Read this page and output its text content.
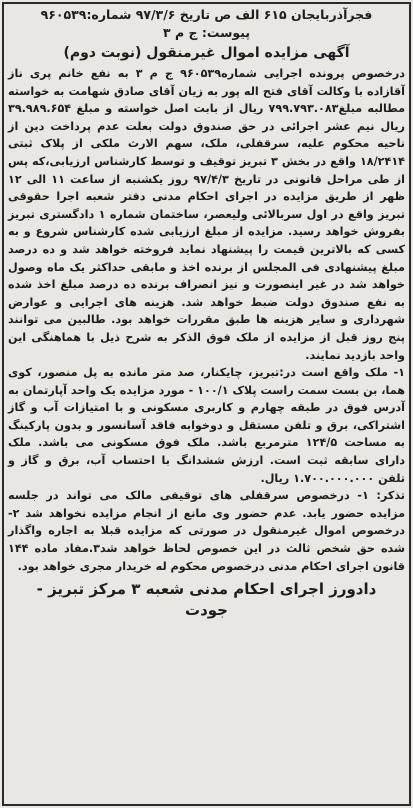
فجرآذربایجان ۶۱۵ الف ص تاریخ ۹۷/۳/۶ شماره:۹۶۰۵۳۹
پیوست: ج م ۳
آگهی مزایده اموال غیرمنقول (نوبت دوم)

درخصوص پرونده اجرایی شماره۹۶۰۵۳۹ ج م ۳ به نفع خانم پری ناز آقازاده با وکالت آقای فتح اله پور به زیان آقای صادق شهامت به خواسته مطالبه مبلغ۷۹۹.۷۹۳.۰۸۳ ریال از بابت اصل خواسته و مبلغ ۳۹.۹۸۹.۶۵۴ ریال نیم عشر اجرائی در حق صندوق دولت بعلت عدم پرداخت دین از ناحیه محکوم علیه، سرقفلی، ملک، سهم الارث ملکی از پلاک ثبتی ۱۸/۲۴۱۴ واقع در بخش ۳ تبریز توقیف و توسط کارشناس ارزیابی،که پس از طی مراحل قانونی در تاریخ ۹۷/۴/۳ روز یکشنبه از ساعت ۱۱ الی ۱۲ ظهر از طریق مزایده در اجرای احکام مدنی دفتر شعبه اجرا حقوقی تبریز واقع در اول سربالائی ولیعصر، ساختمان شماره ۱ دادگستری تبریز بفروش خواهد رسید. مزایده از مبلغ ارزیابی شده کارشناس شروع و به کسی که بالاترین قیمت را پیشنهاد نماید فروخته خواهد شد و ده درصد مبلغ پیشنهادی فی المجلس از برنده اخذ و مابقی حداکثر یک ماه وصول خواهد شد در غیر اینصورت و نیز انصراف برنده ده درصد مبلغ اخذ شده به نفع صندوق دولت ضبط خواهد شد. هزینه های اجرایی و عوارض شهرداری و سایر هزینه ها طبق مقررات خواهد بود. طالبین می توانند پنج روز قبل از مزایده از ملک فوق الذکر به شرح ذیل با هماهنگی این واحد بازدید نمایند.

۱- ملک واقع است در:تبریز، چایکنار، صد متر مانده به پل منصور، کوی هما، بن بست سمت راست پلاک ۱۰۰/۱ - مورد مزایده یک واحد آپارتمان به آدرس فوق در طبقه چهارم و کاربری مسکونی و با امتیازات آب و گاز اشتراکی، برق و تلفن مستقل و دوخوابه فاقد آسانسور و بدون پارکینگ به مساحت ۱۲۴/۵ مترمربع باشد. ملک فوق مسکونی می باشد. ملک دارای سابقه ثبت است. ارزش ششدانگ با احتساب آب، برق و گاز و تلفن ۱.۷۰۰.۰۰۰.۰۰۰ ریال.

تذکر: ۱- درخصوص سرقفلی های توقیفی مالک می تواند در جلسه مزایده حضور یابد. عدم حضور وی مانع از انجام مزایده نخواهد شد ۲- درخصوص اموال غیرمنقول در صورتی که مزایده قبلا به اجاره واگذار شده حق شخص ثالث در این خصوص لحاظ خواهد شد۳.مفاد ماده ۱۴۴ قانون اجرای احکام مدنی درخصوص محکوم له خریدار مجری خواهد بود.

دادورز اجرای احکام مدنی شعبه ۳ مرکز تبریز -
جودت
